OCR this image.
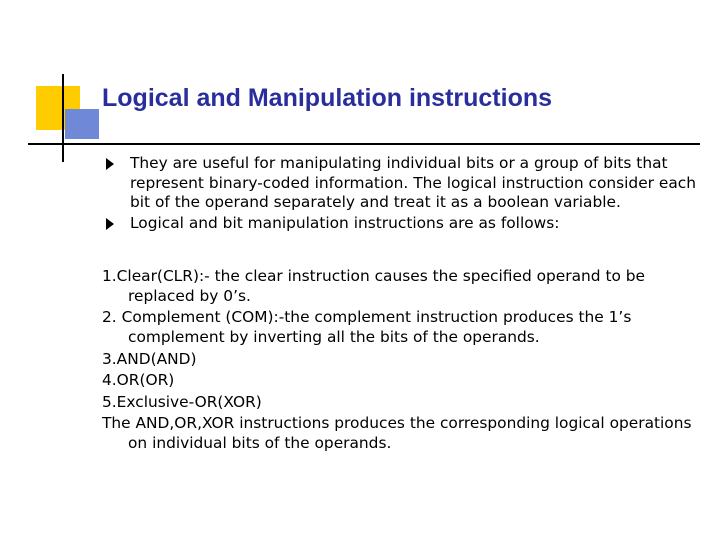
Logical and Manipulation instructions
They are useful for manipulating individual bits or a group of bits that represent binary-coded information. The logical instruction consider each bit of the operand separately and treat it as a boolean variable.
Logical and bit manipulation instructions are as follows:

1.Clear(CLR):- the clear instruction causes the specified operand to be replaced by 0’s.

2. Complement (COM):-the complement instruction produces the 1’s complement by inverting all the bits of the operands.

3.AND(AND)

4.OR(OR)

5.Exclusive-OR(XOR)

The AND,OR,XOR instructions produces the corresponding logical operations on individual bits of the operands.
